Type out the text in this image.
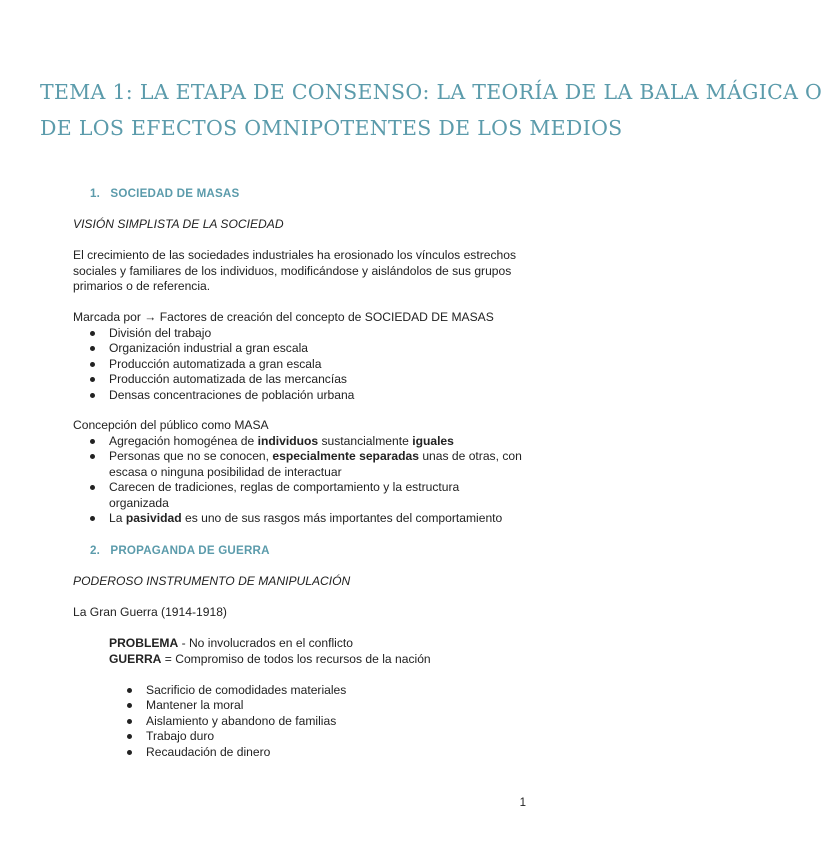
TEMA 1: LA ETAPA DE CONSENSO: LA TEORÍA DE LA BALA MÁGICA O
DE LOS EFECTOS OMNIPOTENTES DE LOS MEDIOS
1. SOCIEDAD DE MASAS
VISIÓN SIMPLISTA DE LA SOCIEDAD
El crecimiento de las sociedades industriales ha erosionado los vínculos estrechos
sociales y familiares de los individuos, modificándose y aislándolos de sus grupos
primarios o de referencia.
Marcada por → Factores de creación del concepto de SOCIEDAD DE MASAS
División del trabajo
Organización industrial a gran escala
Producción automatizada a gran escala
Producción automatizada de las mercancías
Densas concentraciones de población urbana
Concepción del público como MASA
Agregación homogénea de individuos sustancialmente iguales
Personas que no se conocen, especialmente separadas unas de otras, con
escasa o ninguna posibilidad de interactuar
Carecen de tradiciones, reglas de comportamiento y la estructura
organizada
La pasividad es uno de sus rasgos más importantes del comportamiento
2. PROPAGANDA DE GUERRA
PODEROSO INSTRUMENTO DE MANIPULACIÓN
La Gran Guerra (1914-1918)
PROBLEMA - No involucrados en el conflicto
GUERRA = Compromiso de todos los recursos de la nación
Sacrificio de comodidades materiales
Mantener la moral
Aislamiento y abandono de familias
Trabajo duro
Recaudación de dinero
1
